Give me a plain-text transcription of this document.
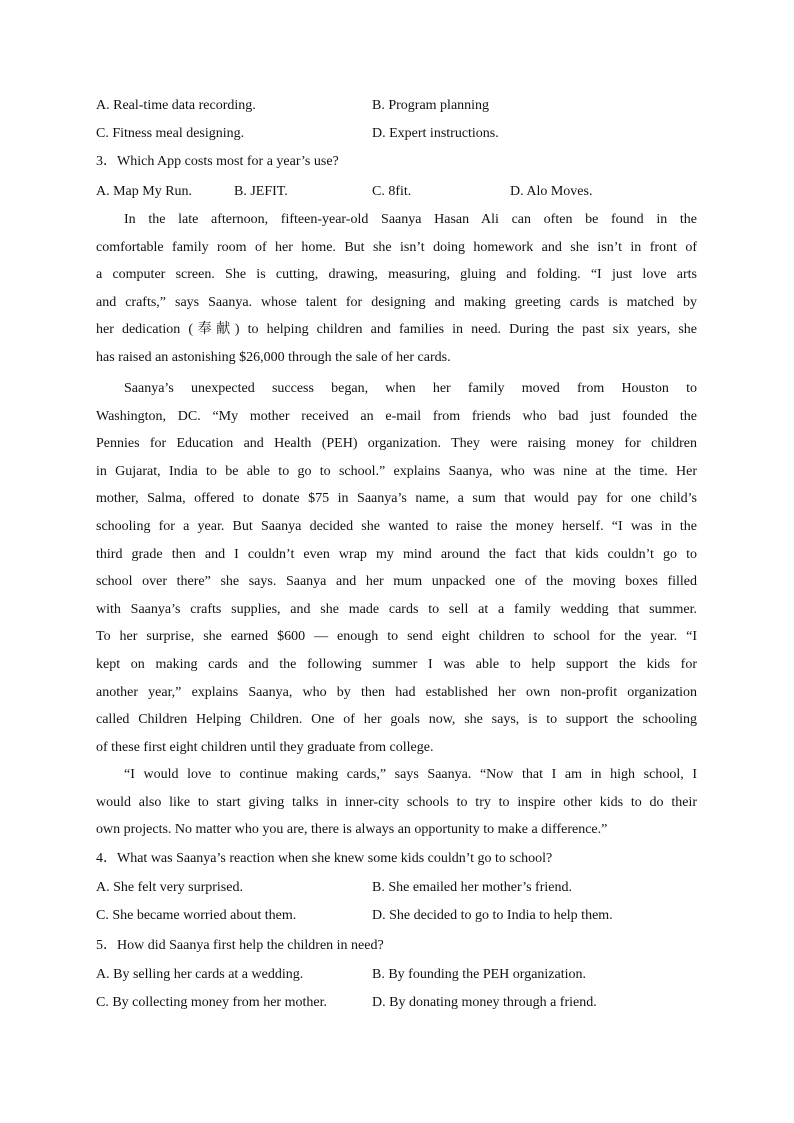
A. Real-time data recording.	B. Program planning
C. Fitness meal designing.	D. Expert instructions.
3．Which App costs most for a year’s use?
A. Map My Run.	B. JEFIT.	C. 8fit.	D. Alo Moves.
In the late afternoon, fifteen-year-old Saanya Hasan Ali can often be found in the
comfortable family room of her home. But she isn’t doing homework and she isn’t in front of
a computer screen. She is cutting, drawing, measuring, gluing and folding. “I just love arts
and crafts,” says Saanya. whose talent for designing and making greeting cards is matched by
her dedication (奉献) to helping children and families in need. During the past six years, she
has raised an astonishing $26,000 through the sale of her cards.
Saanya’s unexpected success began, when her family moved from Houston to
Washington, DC. “My mother received an e-mail from friends who bad just founded the
Pennies for Education and Health (PEH) organization. They were raising money for children
in Gujarat, India to be able to go to school.” explains Saanya, who was nine at the time. Her
mother, Salma, offered to donate $75 in Saanya’s name, a sum that would pay for one child’s
schooling for a year. But Saanya decided she wanted to raise the money herself. “I was in the
third grade then and I couldn’t even wrap my mind around the fact that kids couldn’t go to
school over there” she says. Saanya and her mum unpacked one of the moving boxes filled
with Saanya’s crafts supplies, and she made cards to sell at a family wedding that summer.
To her surprise, she earned $600 — enough to send eight children to school for the year. “I
kept on making cards and the following summer I was able to help support the kids for
another year,” explains Saanya, who by then had established her own non-profit organization
called Children Helping Children. One of her goals now, she says, is to support the schooling
of these first eight children until they graduate from college.
“I would love to continue making cards,” says Saanya. “Now that I am in high school, I
would also like to start giving talks in inner-city schools to try to inspire other kids to do their
own projects. No matter who you are, there is always an opportunity to make a difference.”
4．What was Saanya’s reaction when she knew some kids couldn’t go to school?
A. She felt very surprised.	B. She emailed her mother’s friend.
C. She became worried about them.	D. She decided to go to India to help them.
5．How did Saanya first help the children in need?
A. By selling her cards at a wedding.	B. By founding the PEH organization.
C. By collecting money from her mother.	D. By donating money through a friend.
